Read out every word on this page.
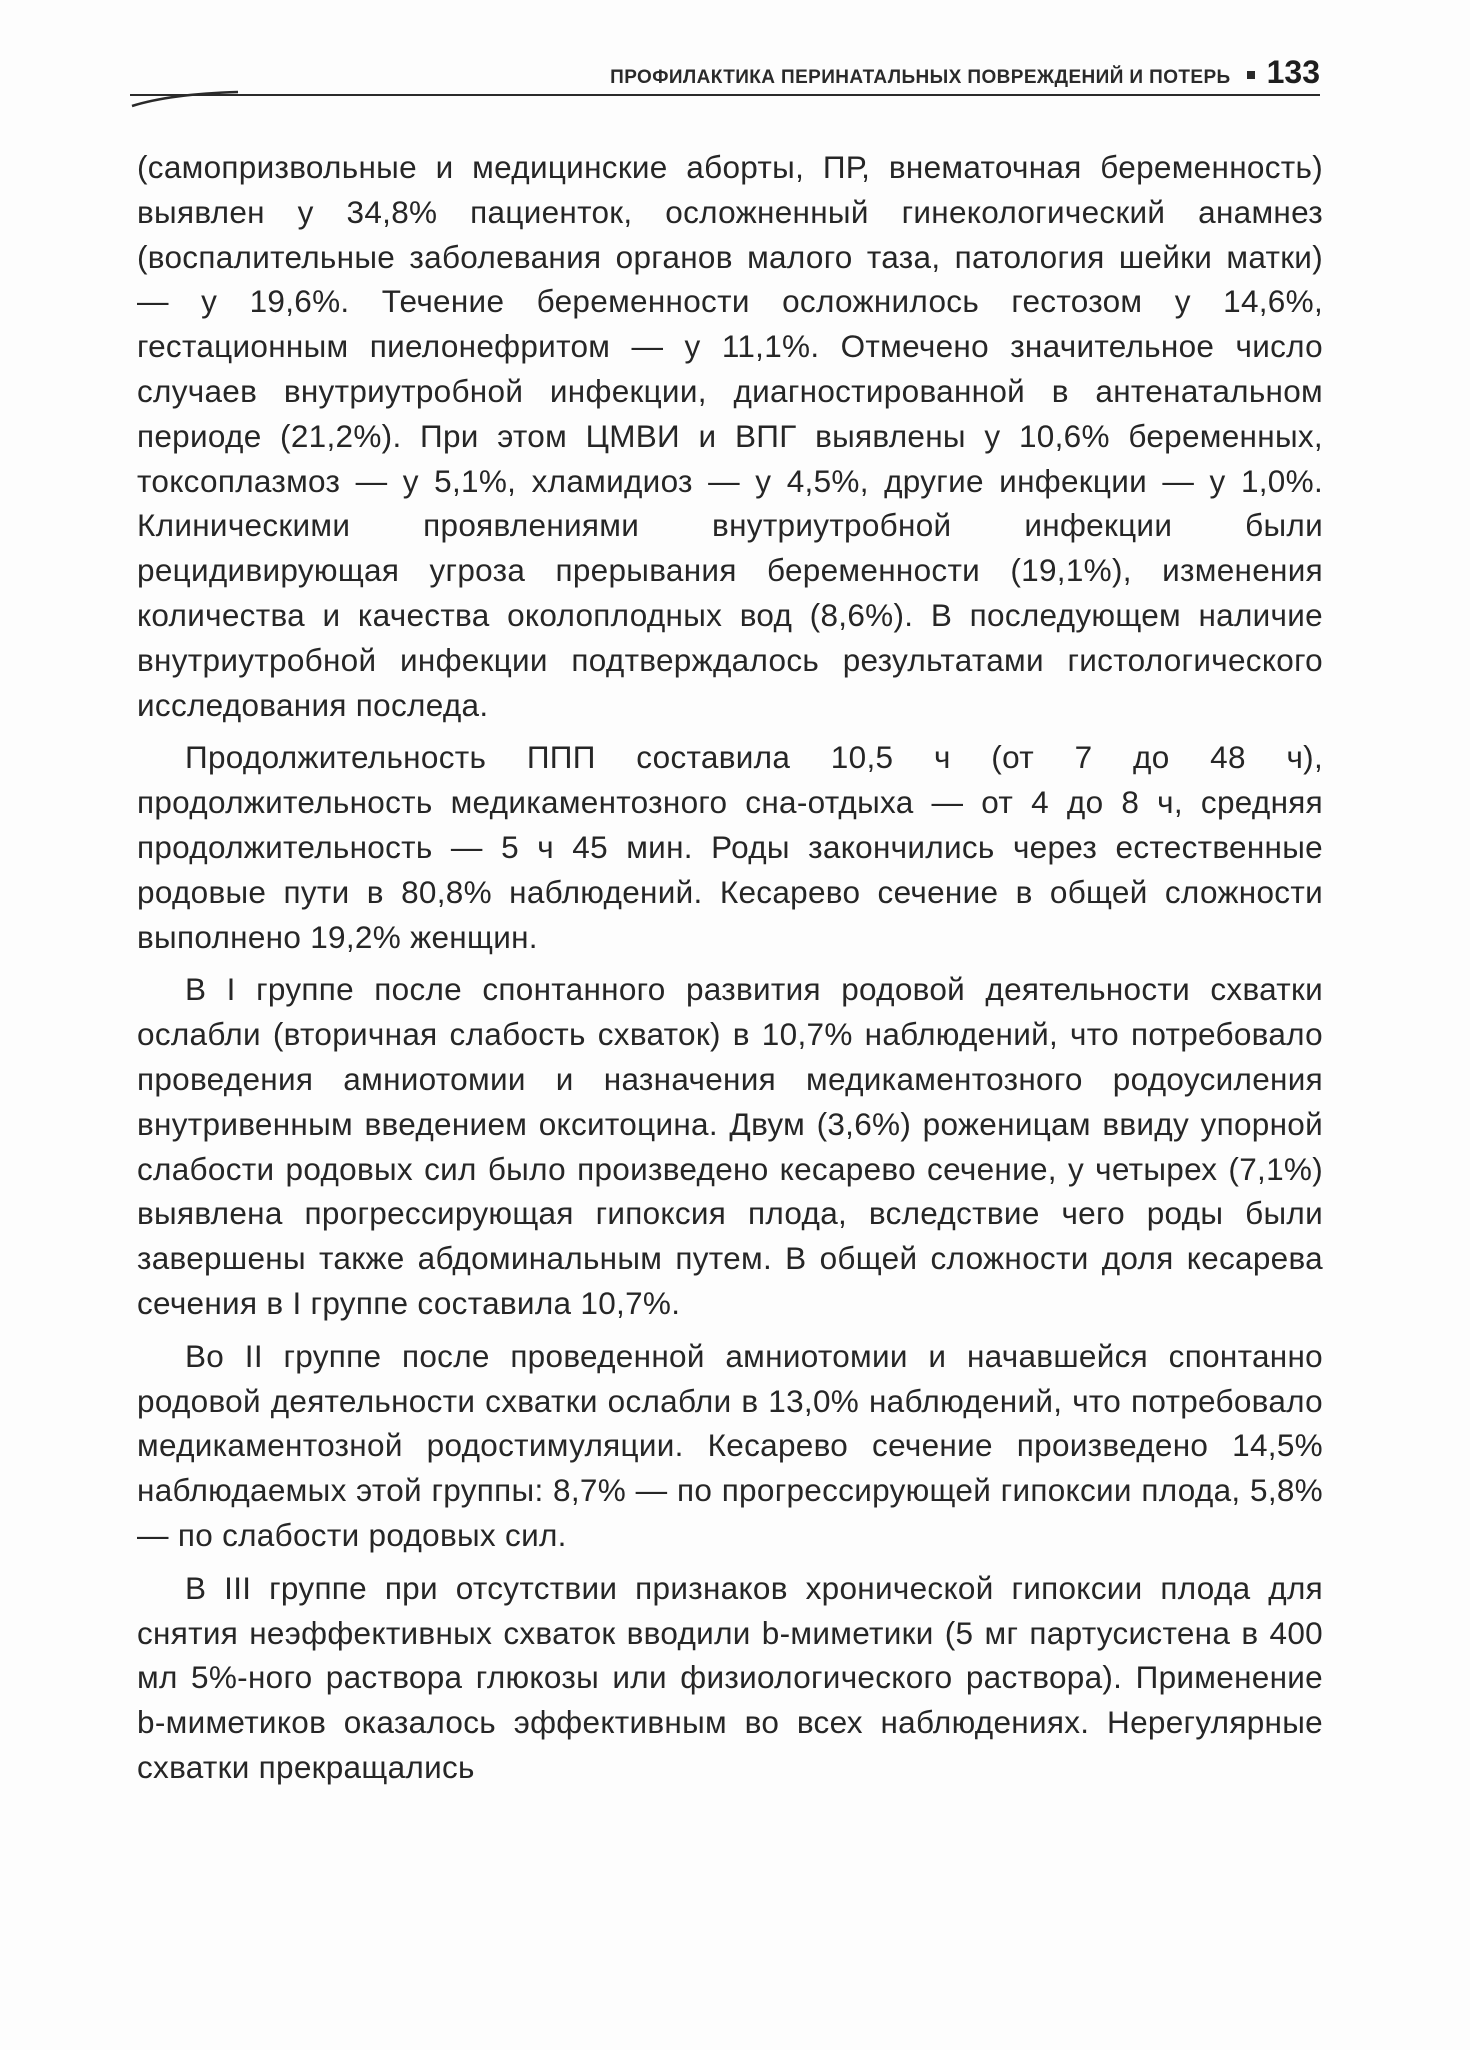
ПРОФИЛАКТИКА ПЕРИНАТАЛЬНЫХ ПОВРЕЖДЕНИЙ И ПОТЕРЬ 133

(самопризвольные и медицинские аборты, ПР, внематочная беременность) выявлен у 34,8% пациенток, осложненный гинекологический анамнез (воспалительные заболевания органов малого таза, патология шейки матки) — у 19,6%. Течение беременности осложнилось гестозом у 14,6%, гестационным пиелонефритом — у 11,1%. Отмечено значительное число случаев внутриутробной инфекции, диагностированной в антенатальном периоде (21,2%). При этом ЦМВИ и ВПГ выявлены у 10,6% беременных, токсоплазмоз — у 5,1%, хламидиоз — у 4,5%, другие инфекции — у 1,0%. Клиническими проявлениями внутриутробной инфекции были рецидивирующая угроза прерывания беременности (19,1%), изменения количества и качества околоплодных вод (8,6%). В последующем наличие внутриутробной инфекции подтверждалось результатами гистологического исследования последа.

Продолжительность ППП составила 10,5 ч (от 7 до 48 ч), продолжительность медикаментозного сна-отдыха — от 4 до 8 ч, средняя продолжительность — 5 ч 45 мин. Роды закончились через естественные родовые пути в 80,8% наблюдений. Кесарево сечение в общей сложности выполнено 19,2% женщин.

В I группе после спонтанного развития родовой деятельности схватки ослабли (вторичная слабость схваток) в 10,7% наблюдений, что потребовало проведения амниотомии и назначения медикаментозного родоусиления внутривенным введением окситоцина. Двум (3,6%) роженицам ввиду упорной слабости родовых сил было произведено кесарево сечение, у четырех (7,1%) выявлена прогрессирующая гипоксия плода, вследствие чего роды были завершены также абдоминальным путем. В общей сложности доля кесарева сечения в I группе составила 10,7%.

Во II группе после проведенной амниотомии и начавшейся спонтанно родовой деятельности схватки ослабли в 13,0% наблюдений, что потребовало медикаментозной родостимуляции. Кесарево сечение произведено 14,5% наблюдаемых этой группы: 8,7% — по прогрессирующей гипоксии плода, 5,8% — по слабости родовых сил.

В III группе при отсутствии признаков хронической гипоксии плода для снятия неэффективных схваток вводили b-миметики (5 мг партусистена в 400 мл 5%-ного раствора глюкозы или физиологического раствора). Применение b-миметиков оказалось эффективным во всех наблюдениях. Нерегулярные схватки прекращались
